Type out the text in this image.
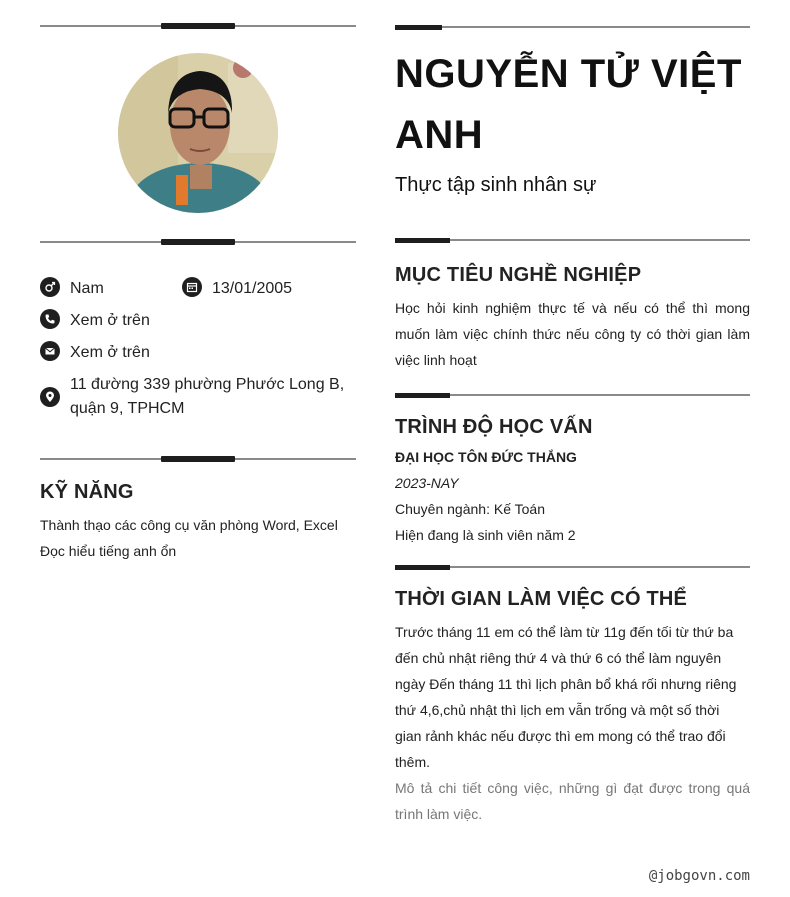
Nam	13/01/2005
Xem ở trên
Xem ở trên
11 đường 339 phường Phước Long B, quận 9, TPHCM
KỸ NĂNG
Thành thạo các công cụ văn phòng Word, Excel
Đọc hiểu tiếng anh ổn
NGUYỄN TỬ VIỆT ANH
Thực tập sinh nhân sự
MỤC TIÊU NGHỀ NGHIỆP
Học hỏi kinh nghiệm thực tế và nếu có thể thì mong muốn làm việc chính thức nếu công ty có thời gian làm việc linh hoạt
TRÌNH ĐỘ HỌC VẤN
ĐẠI HỌC TÔN ĐỨC THẮNG
2023-NAY
Chuyên ngành: Kế Toán
Hiện đang là sinh viên năm 2
THỜI GIAN LÀM VIỆC CÓ THỂ
Trước tháng 11 em có thể làm từ 11g đến tối từ thứ ba đến chủ nhật riêng thứ 4 và thứ 6 có thể làm nguyên ngày Đến tháng 11 thì lịch phân bổ khá rối nhưng riêng thứ 4,6,chủ nhật thì lịch em vẫn trống và một số thời gian rảnh khác nếu được thì em mong có thể trao đổi thêm.
Mô tả chi tiết công việc, những gì đạt được trong quá trình làm việc.
@jobgovn.com
